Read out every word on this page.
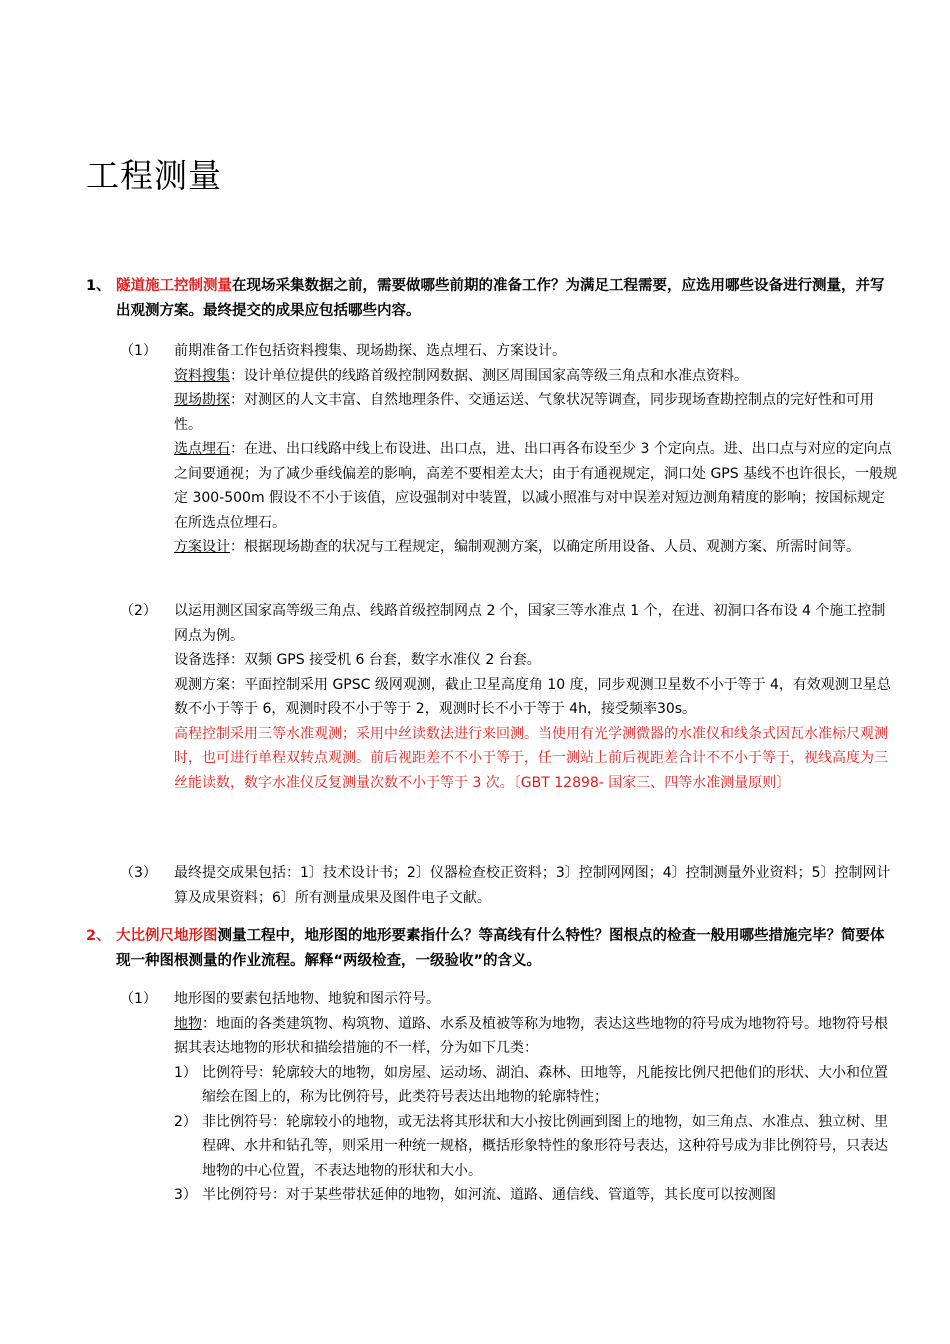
工程测量
1、 隧道施工控制测量在现场采集数据之前，需要做哪些前期的准备工作？为满足工程需要，应选用哪些设备进行测量，并写出观测方案。最终提交的成果应包括哪些内容。
（1） 前期准备工作包括资料搜集、现场勘探、选点埋石、方案设计。
资料搜集：设计单位提供的线路首级控制网数据、测区周围国家高等级三角点和水准点资料。
现场勘探：对测区的人文丰富、自然地理条件、交通运送、气象状况等调查，同步现场查勘控制点的完好性和可用性。
选点埋石：在进、出口线路中线上布设进、出口点，进、出口再各布设至少 3 个定向点。进、出口点与对应的定向点之间要通视；为了减少垂线偏差的影响，高差不要相差太大；由于有通视规定，洞口处 GPS 基线不也许很长，一般规定 300-500m 假设不不小于该值，应设强制对中装置，以减小照准与对中误差对短边测角精度的影响；按国标规定在所选点位埋石。
方案设计：根据现场勘查的状况与工程规定，编制观测方案，以确定所用设备、人员、观测方案、所需时间等。
（2） 以运用测区国家高等级三角点、线路首级控制网点 2 个，国家三等水准点 1 个，在进、初洞口各布设 4 个施工控制网点为例。
设备选择：双频 GPS 接受机 6 台套，数字水准仪 2 台套。
观测方案：平面控制采用 GPSC 级网观测，截止卫星高度角 10 度，同步观测卫星数不小于等于 4，有效观测卫星总数不小于等于 6，观测时段不小于等于 2，观测时长不小于等于 4h，接受频率30s。
高程控制采用三等水准观测；采用中丝读数法进行来回测。当使用有光学测微器的水准仪和线条式因瓦水准标尺观测时，也可进行单程双转点观测。前后视距差不不小于等于，任一测站上前后视距差合计不不小于等于，视线高度为三丝能读数，数字水准仪反复测量次数不小于等于 3 次。〔GBT 12898- 国家三、四等水准测量原则〕
（3） 最终提交成果包括：1〕技术设计书；2〕仪器检查校正资料；3〕控制网网图；4〕控制测量外业资料；5〕控制网计算及成果资料；6〕所有测量成果及图件电子文献。
2、 大比例尺地形图测量工程中，地形图的地形要素指什么？等高线有什么特性？图根点的检查一般用哪些措施完毕？简要体现一种图根测量的作业流程。解释“两级检查，一级验收”的含义。
（1） 地形图的要素包括地物、地貌和图示符号。
地物：地面的各类建筑物、构筑物、道路、水系及植被等称为地物，表达这些地物的符号成为地物符号。地物符号根据其表达地物的形状和描绘措施的不一样，分为如下几类：
1） 比例符号：轮廓较大的地物，如房屋、运动场、湖泊、森林、田地等，凡能按比例尺把他们的形状、大小和位置缩绘在图上的，称为比例符号，此类符号表达出地物的轮廓特性；
2） 非比例符号：轮廓较小的地物，或无法将其形状和大小按比例画到图上的地物，如三角点、水准点、独立树、里程碑、水井和钻孔等，则采用一种统一规格，概括形象特性的象形符号表达，这种符号成为非比例符号，只表达地物的中心位置，不表达地物的形状和大小。
3） 半比例符号：对于某些带状延伸的地物，如河流、道路、通信线、管道等，其长度可以按测图
